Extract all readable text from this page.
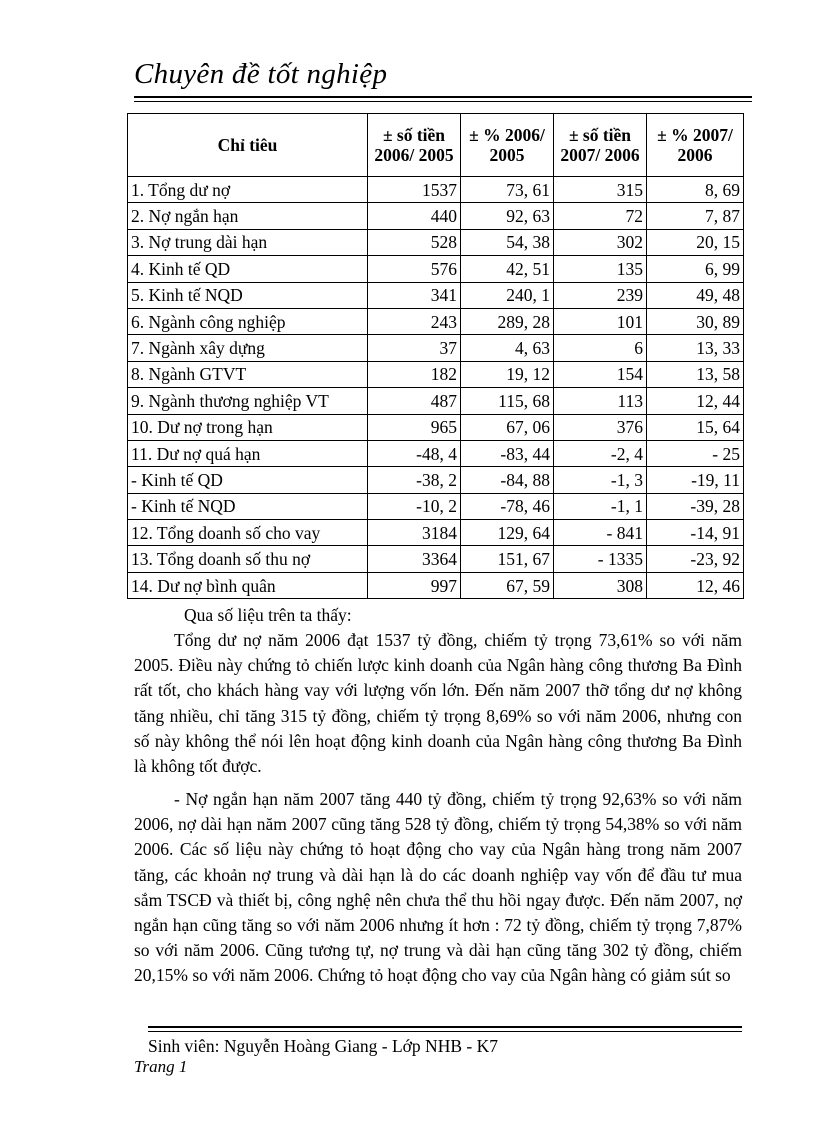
Chuyên đề tốt nghiệp
Chỉ tiêu	± số tiền 2006/ 2005	± % 2006/ 2005	± số tiền 2007/ 2006	± % 2007/ 2006
1. Tổng dư nợ	1537	73, 61	315	8, 69
2. Nợ ngắn hạn	440	92, 63	72	7, 87
3. Nợ trung dài hạn	528	54, 38	302	20, 15
4. Kinh tế QD	576	42, 51	135	6, 99
5. Kinh tế NQD	341	240, 1	239	49, 48
6. Ngành công nghiệp	243	289, 28	101	30, 89
7. Ngành xây dựng	37	4, 63	6	13, 33
8. Ngành GTVT	182	19, 12	154	13, 58
9. Ngành thương nghiệp VT	487	115, 68	113	12, 44
10. Dư nợ trong hạn	965	67, 06	376	15, 64
11. Dư nợ quá hạn	-48, 4	-83, 44	-2, 4	- 25
- Kinh tế QD	-38, 2	-84, 88	-1, 3	-19, 11
- Kinh tế NQD	-10, 2	-78, 46	-1, 1	-39, 28
12. Tổng doanh số cho vay	3184	129, 64	- 841	-14, 91
13. Tổng doanh số thu nợ	3364	151, 67	- 1335	-23, 92
14. Dư nợ bình quân	997	67, 59	308	12, 46

Qua số liệu trên ta thấy:

Tổng dư nợ năm 2006 đạt 1537 tỷ đồng, chiếm tỷ trọng 73,61% so với năm 2005. Điều này chứng tỏ chiến lược kinh doanh của Ngân hàng công thương Ba Đình rất tốt, cho khách hàng vay với lượng vốn lớn. Đến năm 2007 thỡ tổng dư nợ không tăng nhiều, chỉ tăng 315 tỷ đồng, chiếm tỷ trọng 8,69% so với năm 2006, nhưng con số này không thể nói lên hoạt động kinh doanh của Ngân hàng công thương Ba Đình là không tốt được.

- Nợ ngắn hạn năm 2007 tăng 440 tỷ đồng, chiếm tỷ trọng 92,63% so với năm 2006, nợ dài hạn năm 2007 cũng tăng 528 tỷ đồng, chiếm tỷ trọng 54,38% so với năm 2006. Các số liệu này chứng tỏ hoạt động cho vay của Ngân hàng trong năm 2007 tăng, các khoản nợ trung và dài hạn là do các doanh nghiệp vay vốn để đầu tư mua sắm TSCĐ và thiết bị, công nghệ nên chưa thể thu hồi ngay được. Đến năm 2007, nợ ngắn hạn cũng tăng so với năm 2006 nhưng ít hơn : 72 tỷ đồng, chiếm tỷ trọng 7,87% so với năm 2006. Cũng tương tự, nợ trung và dài hạn cũng tăng 302 tỷ đồng, chiếm 20,15% so với năm 2006. Chứng tỏ hoạt động cho vay của Ngân hàng có giảm sút so

Sinh viên: Nguyễn Hoàng Giang - Lớp NHB - K7
Trang 1
